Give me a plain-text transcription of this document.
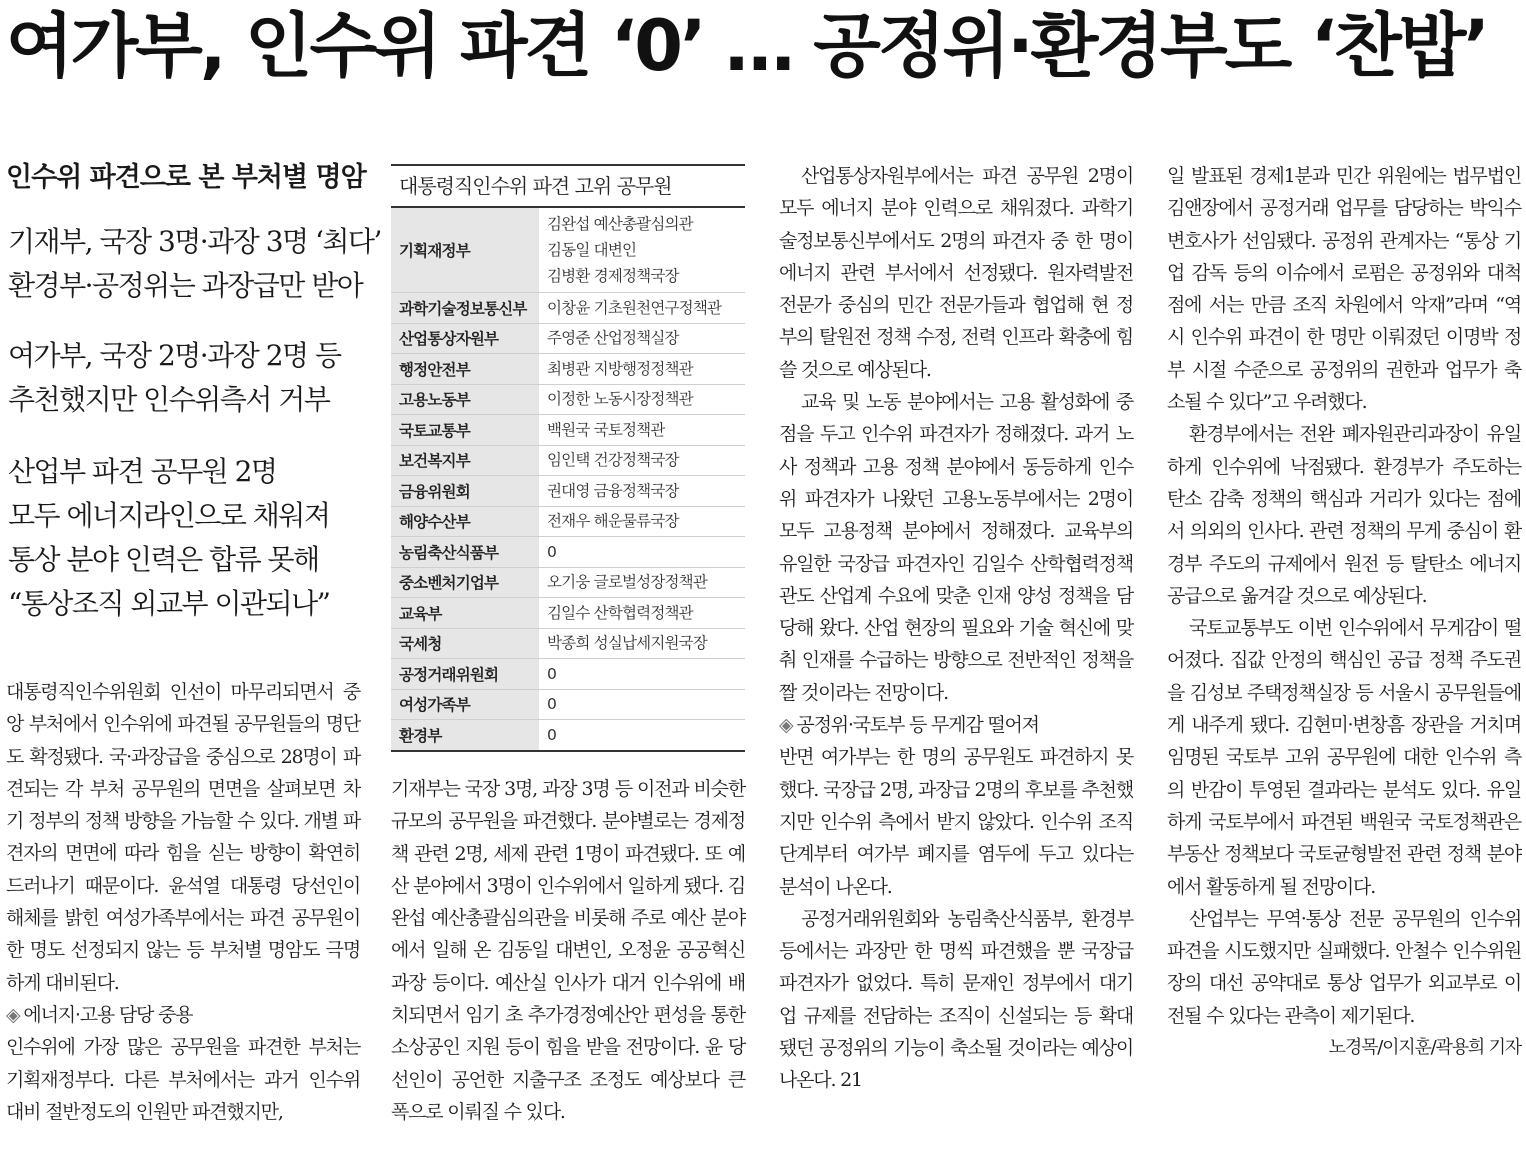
여가부, 인수위 파견 ‘0’ … 공정위·환경부도 ‘찬밥’
인수위 파견으로 본 부처별 명암
기재부, 국장 3명·과장 3명 ‘최다’
환경부·공정위는 과장급만 받아
여가부, 국장 2명·과장 2명 등
추천했지만 인수위측서 거부
산업부 파견 공무원 2명
모두 에너지라인으로 채워져
통상 분야 인력은 합류 못해
“통상조직 외교부 이관되나”

대통령직인수위원회 인선이 마무리되면서 중앙 부처에서 인수위에 파견될 공무원들의 명단도 확정됐다. 국·과장급을 중심으로 28명이 파견되는 각 부처 공무원의 면면을 살펴보면 차기 정부의 정책 방향을 가늠할 수 있다. 개별 파견자의 면면에 따라 힘을 싣는 방향이 확연히 드러나기 때문이다. 윤석열 대통령 당선인이 해체를 밝힌 여성가족부에서는 파견 공무원이 한 명도 선정되지 않는 등 부처별 명암도 극명하게 대비된다.

◈ 에너지·고용 담당 중용

인수위에 가장 많은 공무원을 파견한 부처는 기획재정부다. 다른 부처에서는 과거 인수위 대비 절반정도의 인원만 파견했지만,

대통령직인수위 파견 고위 공무원
기획재정부
김완섭 예산총괄심의관
김동일 대변인
김병환 경제정책국장
과학기술정보통신부	이창윤 기초원천연구정책관
산업통상자원부	주영준 산업정책실장
행정안전부	최병관 지방행정정책관
고용노동부	이정한 노동시장정책관
국토교통부	백원국 국토정책관
보건복지부	임인택 건강정책국장
금융위원회	권대영 금융정책국장
해양수산부	전재우 해운물류국장
농림축산식품부	0
중소벤처기업부	오기웅 글로벌성장정책관
교육부	김일수 산학협력정책관
국세청	박종희 성실납세지원국장
공정거래위원회	0
여성가족부	0
환경부	0

기재부는 국장 3명, 과장 3명 등 이전과 비슷한 규모의 공무원을 파견했다. 분야별로는 경제정책 관련 2명, 세제 관련 1명이 파견됐다. 또 예산 분야에서 3명이 인수위에서 일하게 됐다. 김완섭 예산총괄심의관을 비롯해 주로 예산 분야에서 일해 온 김동일 대변인, 오정윤 공공혁신과장 등이다. 예산실 인사가 대거 인수위에 배치되면서 임기 초 추가경정예산안 편성을 통한 소상공인 지원 등이 힘을 받을 전망이다. 윤 당선인이 공언한 지출구조 조정도 예상보다 큰 폭으로 이뤄질 수 있다.

산업통상자원부에서는 파견 공무원 2명이 모두 에너지 분야 인력으로 채워졌다. 과학기술정보통신부에서도 2명의 파견자 중 한 명이 에너지 관련 부서에서 선정됐다. 원자력발전 전문가 중심의 민간 전문가들과 협업해 현 정부의 탈원전 정책 수정, 전력 인프라 확충에 힘쓸 것으로 예상된다.

교육 및 노동 분야에서는 고용 활성화에 중점을 두고 인수위 파견자가 정해졌다. 과거 노사 정책과 고용 정책 분야에서 동등하게 인수위 파견자가 나왔던 고용노동부에서는 2명이 모두 고용정책 분야에서 정해졌다. 교육부의 유일한 국장급 파견자인 김일수 산학협력정책관도 산업계 수요에 맞춘 인재 양성 정책을 담당해 왔다. 산업 현장의 필요와 기술 혁신에 맞춰 인재를 수급하는 방향으로 전반적인 정책을 짤 것이라는 전망이다.

◈ 공정위·국토부 등 무게감 떨어져

반면 여가부는 한 명의 공무원도 파견하지 못했다. 국장급 2명, 과장급 2명의 후보를 추천했지만 인수위 측에서 받지 않았다. 인수위 조직 단계부터 여가부 폐지를 염두에 두고 있다는 분석이 나온다.

공정거래위원회와 농림축산식품부, 환경부 등에서는 과장만 한 명씩 파견했을 뿐 국장급 파견자가 없었다. 특히 문재인 정부에서 대기업 규제를 전담하는 조직이 신설되는 등 확대됐던 공정위의 기능이 축소될 것이라는 예상이 나온다. 21

일 발표된 경제1분과 민간 위원에는 법무법인 김앤장에서 공정거래 업무를 담당하는 박익수 변호사가 선임됐다. 공정위 관계자는 “통상 기업 감독 등의 이슈에서 로펌은 공정위와 대척점에 서는 만큼 조직 차원에서 악재”라며 “역시 인수위 파견이 한 명만 이뤄졌던 이명박 정부 시절 수준으로 공정위의 권한과 업무가 축소될 수 있다”고 우려했다.

환경부에서는 전완 폐자원관리과장이 유일하게 인수위에 낙점됐다. 환경부가 주도하는 탄소 감축 정책의 핵심과 거리가 있다는 점에서 의외의 인사다. 관련 정책의 무게 중심이 환경부 주도의 규제에서 원전 등 탈탄소 에너지 공급으로 옮겨갈 것으로 예상된다.

국토교통부도 이번 인수위에서 무게감이 떨어졌다. 집값 안정의 핵심인 공급 정책 주도권을 김성보 주택정책실장 등 서울시 공무원들에게 내주게 됐다. 김현미·변창흠 장관을 거치며 임명된 국토부 고위 공무원에 대한 인수위 측의 반감이 투영된 결과라는 분석도 있다. 유일하게 국토부에서 파견된 백원국 국토정책관은 부동산 정책보다 국토균형발전 관련 정책 분야에서 활동하게 될 전망이다.

산업부는 무역·통상 전문 공무원의 인수위 파견을 시도했지만 실패했다. 안철수 인수위원장의 대선 공약대로 통상 업무가 외교부로 이전될 수 있다는 관측이 제기된다.

노경목/이지훈/곽용희 기자
